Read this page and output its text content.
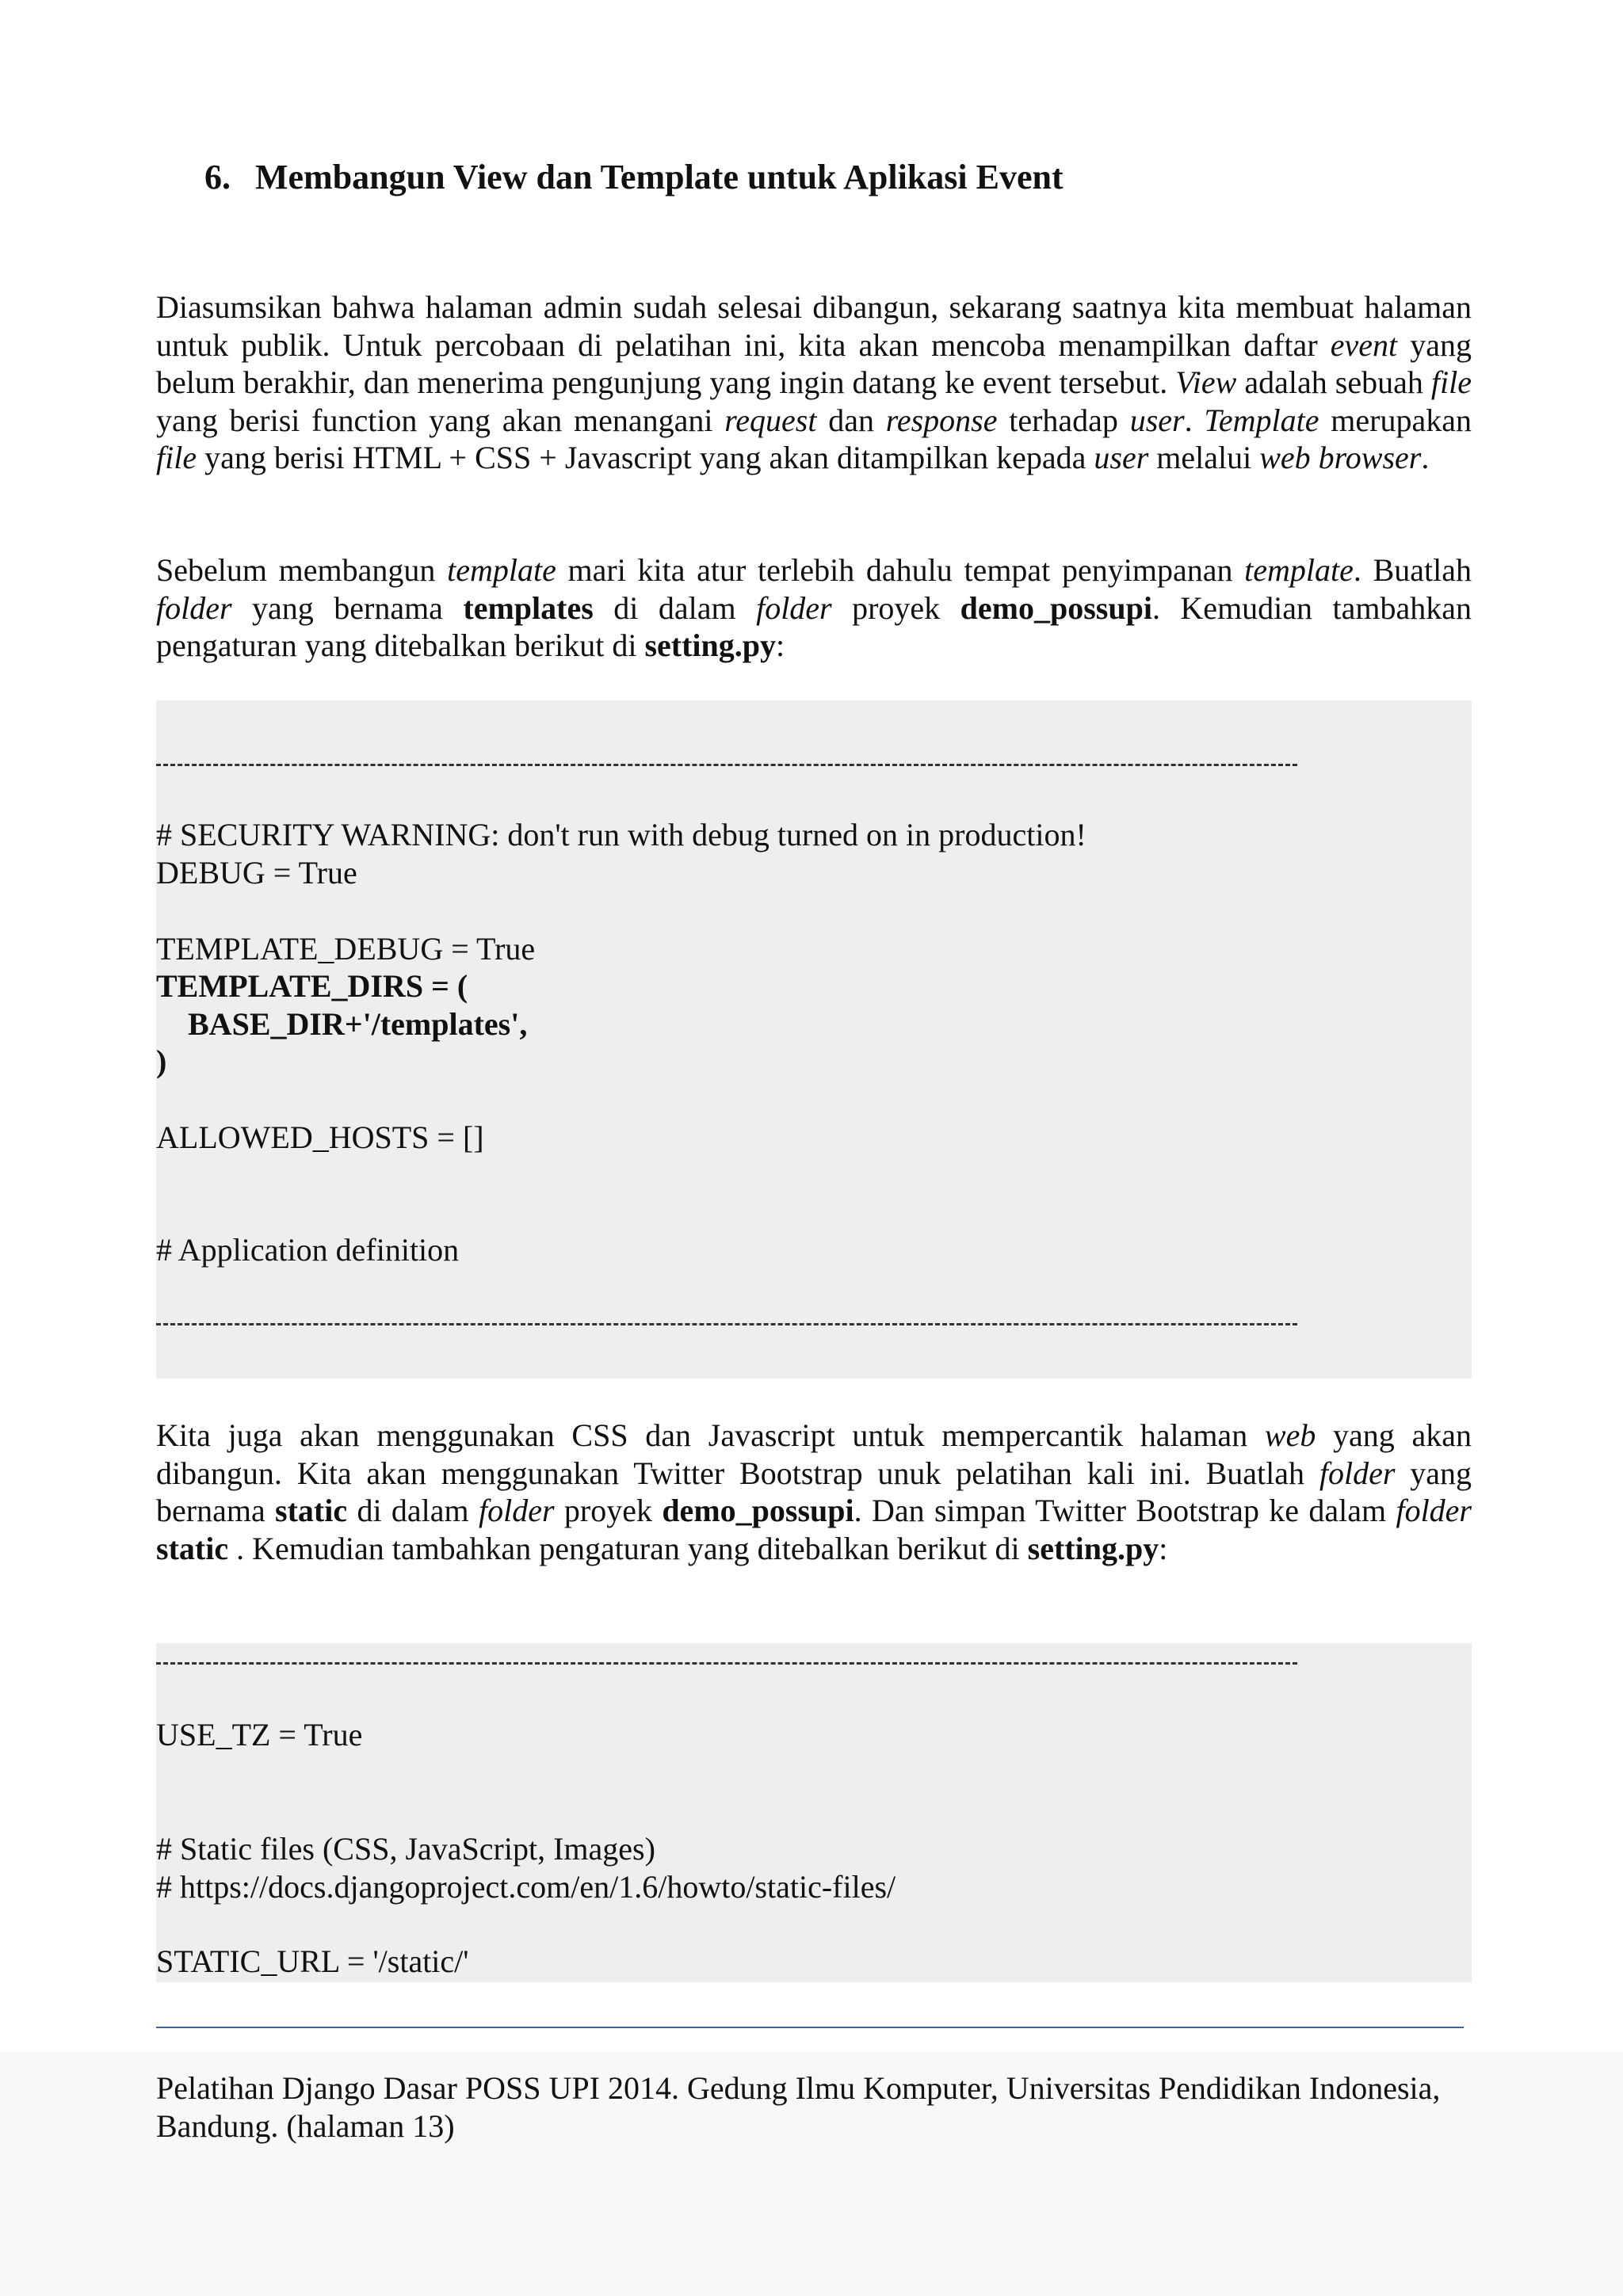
6. Membangun View dan Template untuk Aplikasi Event

Diasumsikan bahwa halaman admin sudah selesai dibangun, sekarang saatnya kita membuat halaman untuk publik. Untuk percobaan di pelatihan ini, kita akan mencoba menampilkan daftar event yang belum berakhir, dan menerima pengunjung yang ingin datang ke event tersebut. View adalah sebuah file yang berisi function yang akan menangani request dan response terhadap user. Template merupakan file yang berisi HTML + CSS + Javascript yang akan ditampilkan kepada user melalui web browser.

Sebelum membangun template mari kita atur terlebih dahulu tempat penyimpanan template. Buatlah folder yang bernama templates di dalam folder proyek demo_possupi. Kemudian tambahkan pengaturan yang ditebalkan berikut di setting.py:

# SECURITY WARNING: don't run with debug turned on in production!

DEBUG = True

TEMPLATE_DEBUG = True

TEMPLATE_DIRS = (

BASE_DIR+'/templates',

)

ALLOWED_HOSTS = []

# Application definition

Kita juga akan menggunakan CSS dan Javascript untuk mempercantik halaman web yang akan dibangun. Kita akan menggunakan Twitter Bootstrap unuk pelatihan kali ini. Buatlah folder yang bernama static di dalam folder proyek demo_possupi. Dan simpan Twitter Bootstrap ke dalam folder static . Kemudian tambahkan pengaturan yang ditebalkan berikut di setting.py:

USE_TZ = True

# Static files (CSS, JavaScript, Images)

# https://docs.djangoproject.com/en/1.6/howto/static-files/

STATIC_URL = '/static/'

Pelatihan Django Dasar POSS UPI 2014. Gedung Ilmu Komputer, Universitas Pendidikan Indonesia, Bandung. (halaman 13)
